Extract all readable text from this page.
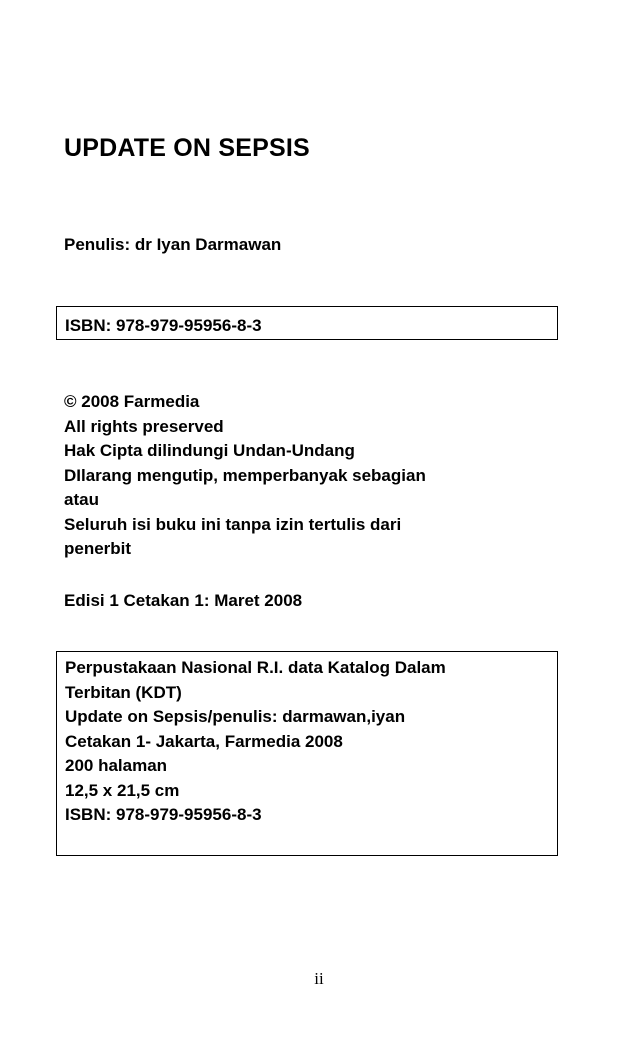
UPDATE ON SEPSIS
Penulis: dr Iyan Darmawan
ISBN: 978-979-95956-8-3
© 2008 Farmedia
All rights preserved
Hak Cipta dilindungi Undan-Undang
DIlarang mengutip, memperbanyak sebagian
atau
Seluruh isi buku ini tanpa izin tertulis dari
penerbit
Edisi 1 Cetakan 1: Maret 2008
Perpustakaan Nasional R.I. data Katalog Dalam
Terbitan (KDT)
Update on Sepsis/penulis: darmawan,iyan
Cetakan 1- Jakarta, Farmedia 2008
200 halaman
12,5 x 21,5 cm
ISBN: 978-979-95956-8-3
ii
